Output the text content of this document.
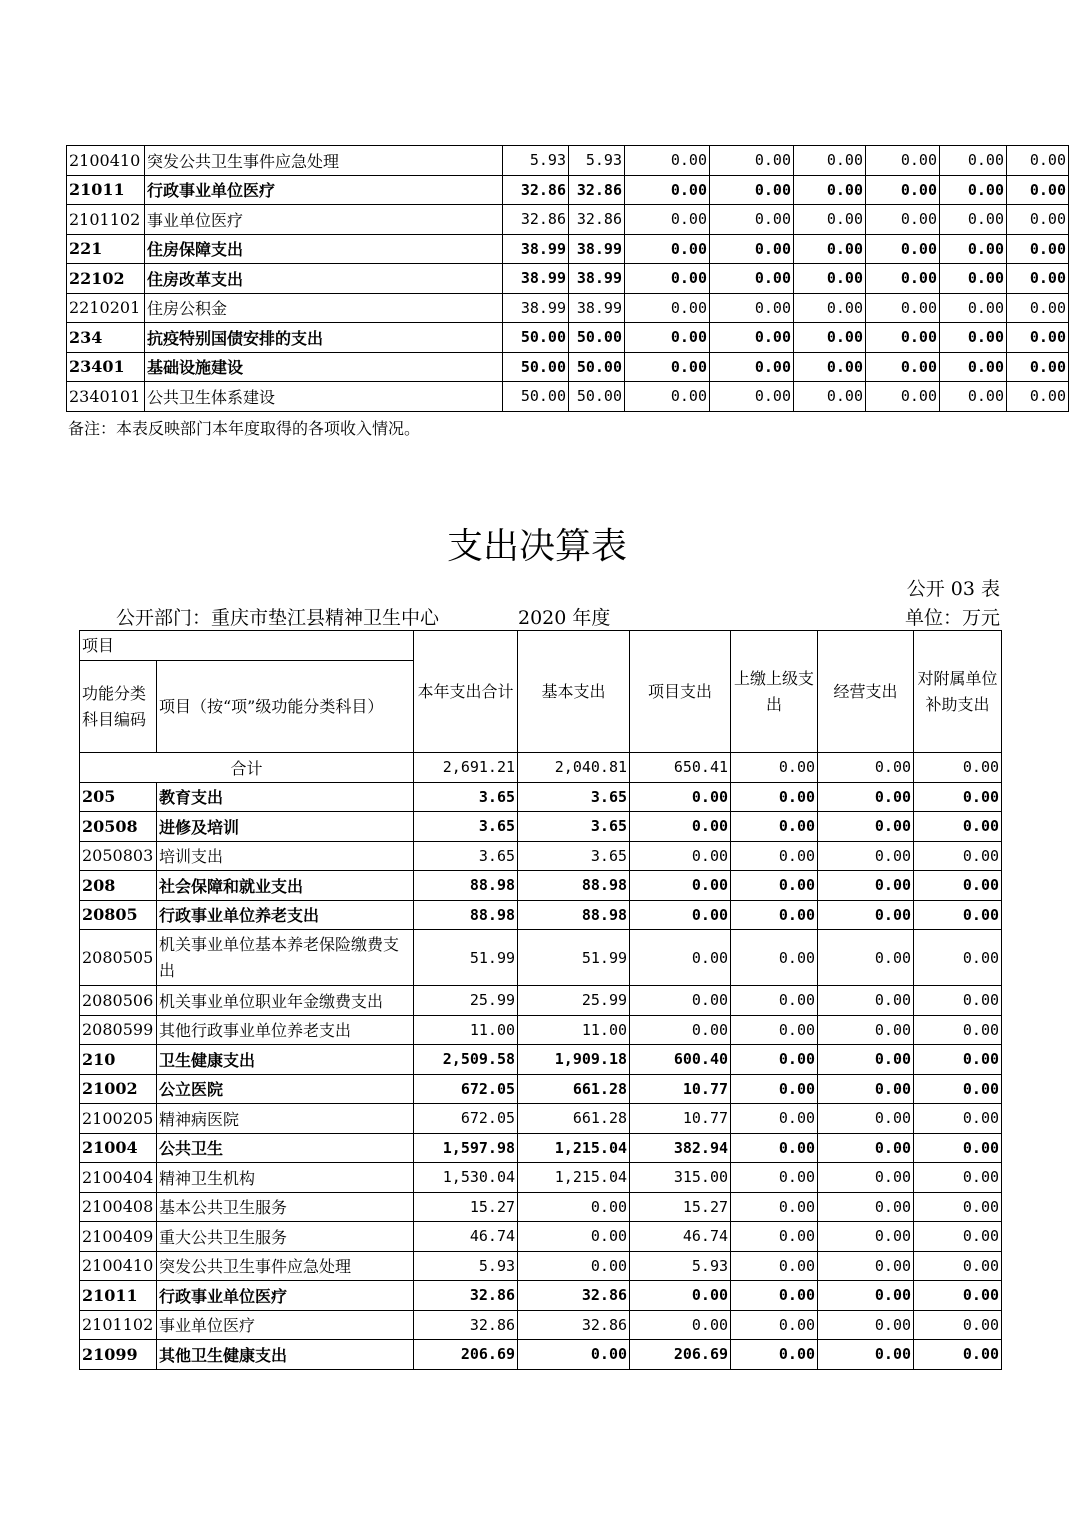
2100410	突发公共卫生事件应急处理	5.93	5.93	0.00	0.00	0.00	0.00	0.00	0.00
21011	行政事业单位医疗	32.86	32.86	0.00	0.00	0.00	0.00	0.00	0.00
2101102	事业单位医疗	32.86	32.86	0.00	0.00	0.00	0.00	0.00	0.00
221	住房保障支出	38.99	38.99	0.00	0.00	0.00	0.00	0.00	0.00
22102	住房改革支出	38.99	38.99	0.00	0.00	0.00	0.00	0.00	0.00
2210201	住房公积金	38.99	38.99	0.00	0.00	0.00	0.00	0.00	0.00
234	抗疫特别国债安排的支出	50.00	50.00	0.00	0.00	0.00	0.00	0.00	0.00
23401	基础设施建设	50.00	50.00	0.00	0.00	0.00	0.00	0.00	0.00
2340101	公共卫生体系建设	50.00	50.00	0.00	0.00	0.00	0.00	0.00	0.00
备注：本表反映部门本年度取得的各项收入情况。
支出决算表
公开 03 表
公开部门：重庆市垫江县精神卫生中心	2020 年度	单位：万元
项目		本年支出合计	基本支出	项目支出	上缴上级支出	经营支出	对附属单位补助支出
功能分类科目编码	项目（按“项”级功能分类科目）						
合计		2,691.21	2,040.81	650.41	0.00	0.00	0.00
205	教育支出	3.65	3.65	0.00	0.00	0.00	0.00
20508	进修及培训	3.65	3.65	0.00	0.00	0.00	0.00
2050803	培训支出	3.65	3.65	0.00	0.00	0.00	0.00
208	社会保障和就业支出	88.98	88.98	0.00	0.00	0.00	0.00
20805	行政事业单位养老支出	88.98	88.98	0.00	0.00	0.00	0.00
2080505	机关事业单位基本养老保险缴费支出	51.99	51.99	0.00	0.00	0.00	0.00
2080506	机关事业单位职业年金缴费支出	25.99	25.99	0.00	0.00	0.00	0.00
2080599	其他行政事业单位养老支出	11.00	11.00	0.00	0.00	0.00	0.00
210	卫生健康支出	2,509.58	1,909.18	600.40	0.00	0.00	0.00
21002	公立医院	672.05	661.28	10.77	0.00	0.00	0.00
2100205	精神病医院	672.05	661.28	10.77	0.00	0.00	0.00
21004	公共卫生	1,597.98	1,215.04	382.94	0.00	0.00	0.00
2100404	精神卫生机构	1,530.04	1,215.04	315.00	0.00	0.00	0.00
2100408	基本公共卫生服务	15.27	0.00	15.27	0.00	0.00	0.00
2100409	重大公共卫生服务	46.74	0.00	46.74	0.00	0.00	0.00
2100410	突发公共卫生事件应急处理	5.93	0.00	5.93	0.00	0.00	0.00
21011	行政事业单位医疗	32.86	32.86	0.00	0.00	0.00	0.00
2101102	事业单位医疗	32.86	32.86	0.00	0.00	0.00	0.00
21099	其他卫生健康支出	206.69	0.00	206.69	0.00	0.00	0.00
